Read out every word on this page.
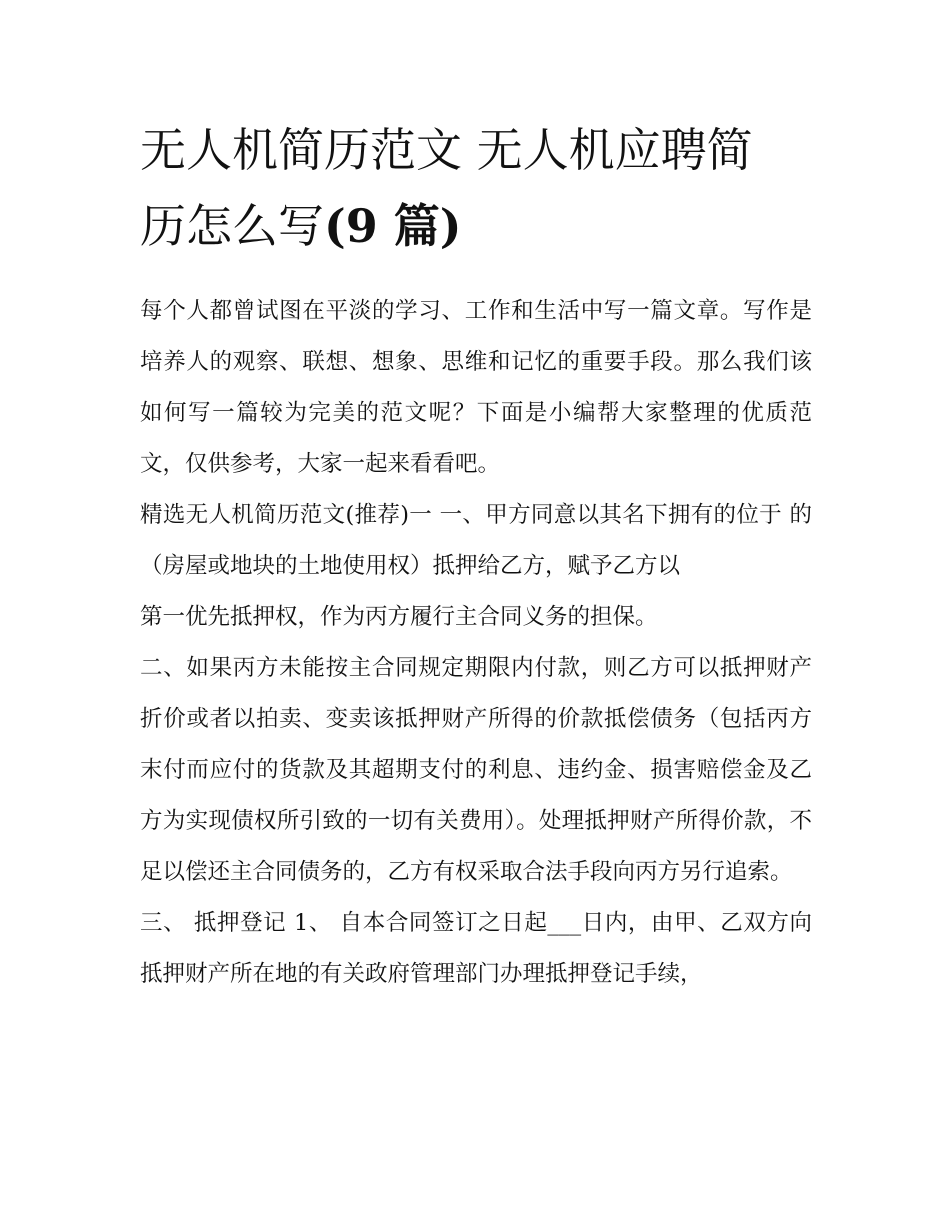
无人机简历范文 无人机应聘简
历怎么写(9 篇)

每个人都曾试图在平淡的学习、工作和生活中写一篇文章。写作是培养人的观察、联想、想象、思维和记忆的重要手段。那么我们该如何写一篇较为完美的范文呢？下面是小编帮大家整理的优质范文，仅供参考，大家一起来看看吧。

精选无人机简历范文(推荐)一 一、甲方同意以其名下拥有的位于 的 （房屋或地块的土地使用权）抵押给乙方，赋予乙方以

第一优先抵押权，作为丙方履行主合同义务的担保。

二、如果丙方未能按主合同规定期限内付款，则乙方可以抵押财产折价或者以拍卖、变卖该抵押财产所得的价款抵偿债务（包括丙方末付而应付的货款及其超期支付的利息、违约金、损害赔偿金及乙方为实现债权所引致的一切有关费用）。处理抵押财产所得价款，不足以偿还主合同债务的，乙方有权采取合法手段向丙方另行追索。

三、 抵押登记 1、 自本合同签订之日起___日内，由甲、乙双方向抵押财产所在地的有关政府管理部门办理抵押登记手续，
